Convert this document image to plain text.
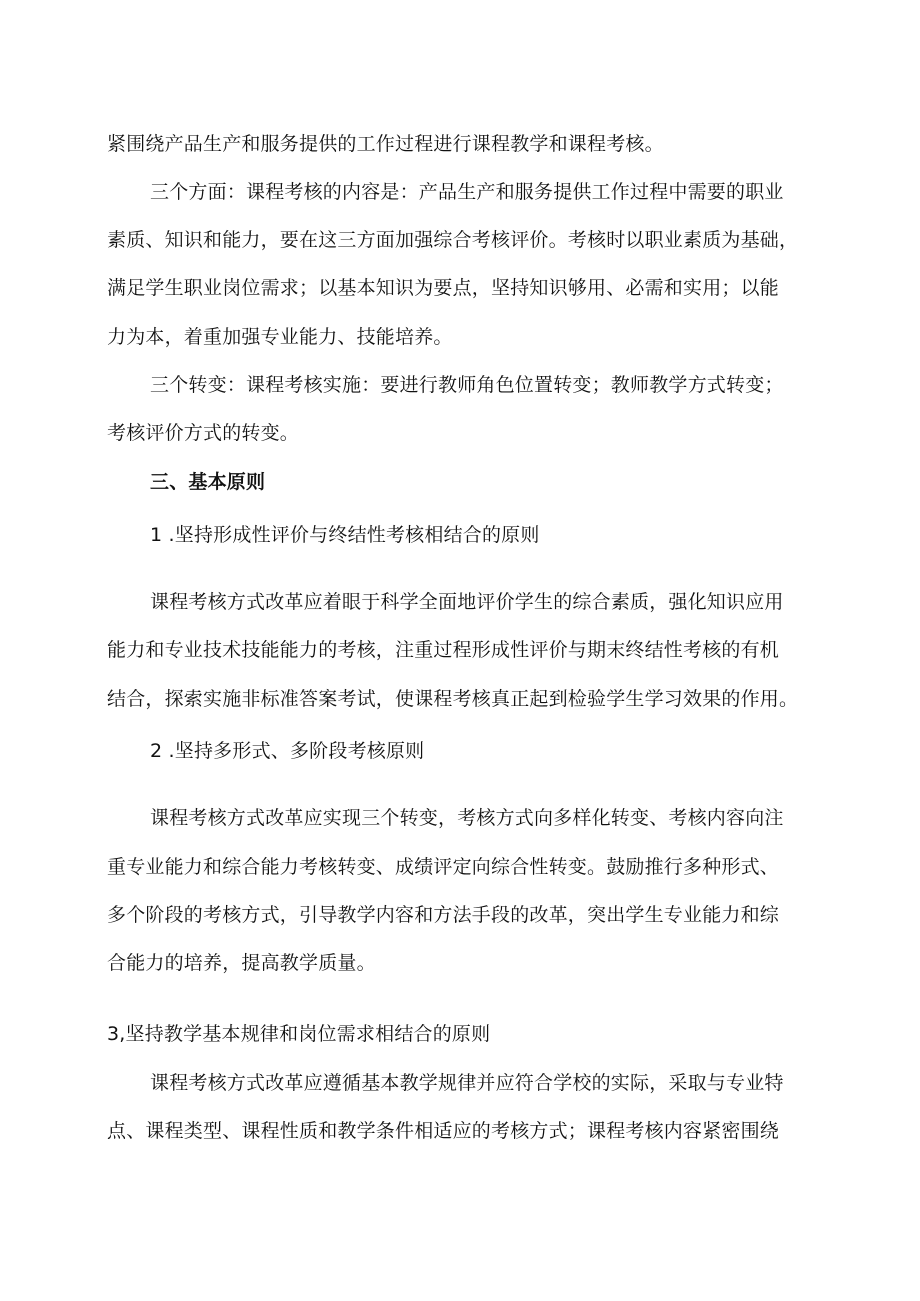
紧围绕产品生产和服务提供的工作过程进行课程教学和课程考核。
三个方面：课程考核的内容是：产品生产和服务提供工作过程中需要的职业
素质、知识和能力，要在这三方面加强综合考核评价。考核时以职业素质为基础，
满足学生职业岗位需求；以基本知识为要点，坚持知识够用、必需和实用；以能
力为本，着重加强专业能力、技能培养。
三个转变：课程考核实施：要进行教师角色位置转变；教师教学方式转变；
考核评价方式的转变。
三、基本原则
1 .坚持形成性评价与终结性考核相结合的原则
课程考核方式改革应着眼于科学全面地评价学生的综合素质，强化知识应用
能力和专业技术技能能力的考核，注重过程形成性评价与期末终结性考核的有机
结合，探索实施非标准答案考试，使课程考核真正起到检验学生学习效果的作用。
2 .坚持多形式、多阶段考核原则
课程考核方式改革应实现三个转变，考核方式向多样化转变、考核内容向注
重专业能力和综合能力考核转变、成绩评定向综合性转变。鼓励推行多种形式、
多个阶段的考核方式，引导教学内容和方法手段的改革，突出学生专业能力和综
合能力的培养，提高教学质量。
3,坚持教学基本规律和岗位需求相结合的原则
课程考核方式改革应遵循基本教学规律并应符合学校的实际，采取与专业特
点、课程类型、课程性质和教学条件相适应的考核方式；课程考核内容紧密围绕
